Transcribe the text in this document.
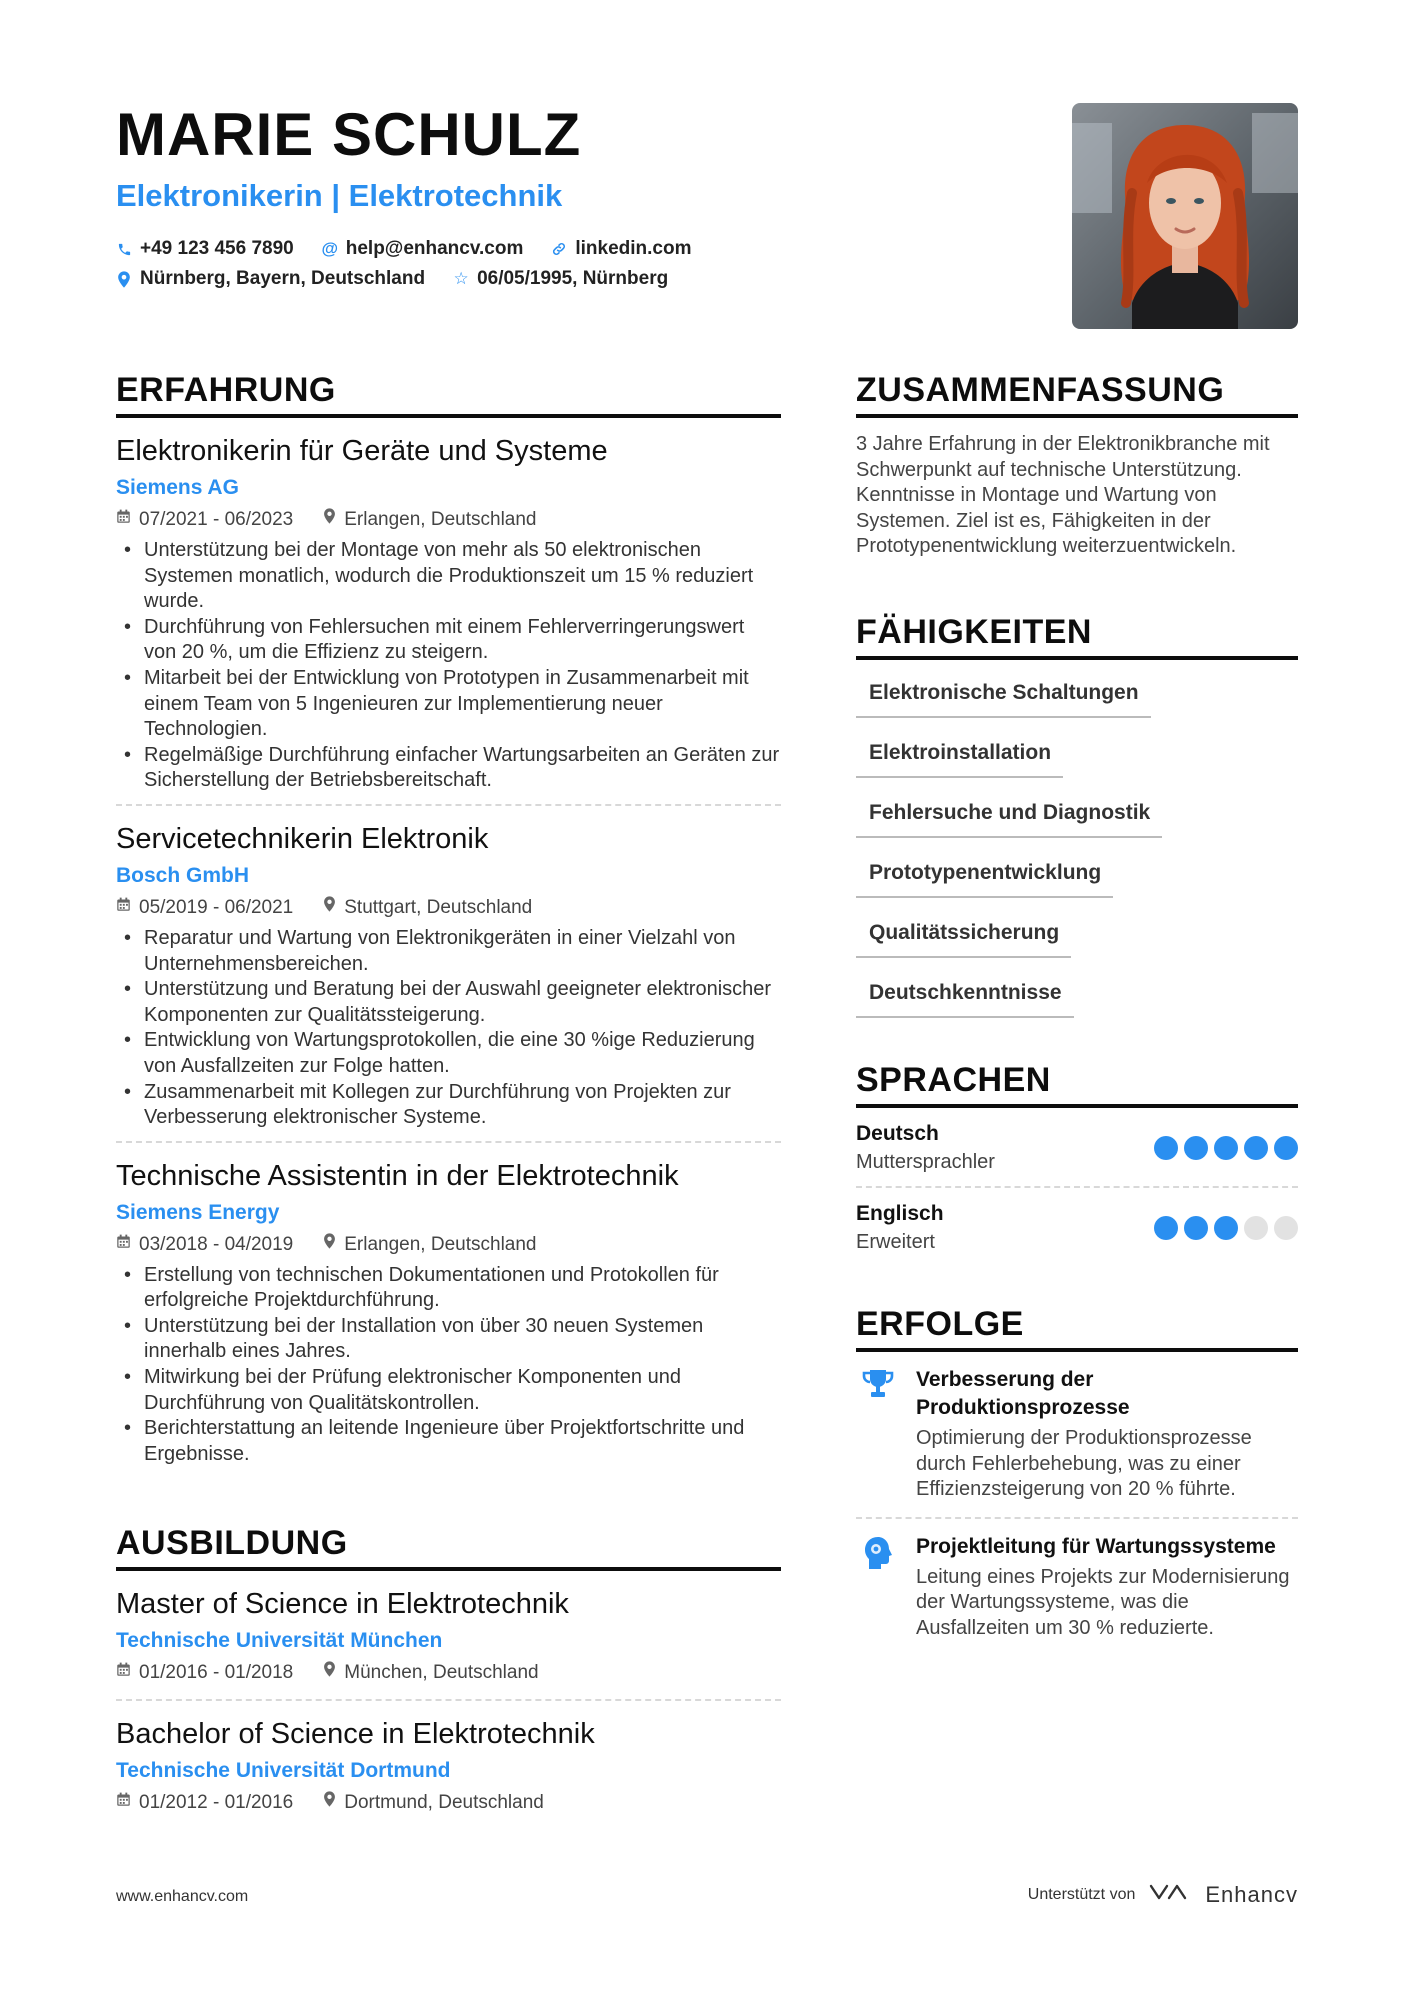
MARIE SCHULZ
Elektronikerin | Elektrotechnik
+49 123 456 7890 @ help@enhancv.com	linkedin.com
Nürnberg, Bayern, Deutschland ☆ 06/05/1995, Nürnberg
ERFAHRUNG
Elektronikerin für Geräte und Systeme
Siemens AG
07/2021 - 06/2023	Erlangen, Deutschland
• Unterstützung bei der Montage von mehr als 50 elektronischen Systemen monatlich, wodurch die Produktionszeit um 15 % reduziert wurde.
• Durchführung von Fehlersuchen mit einem Fehlerverringerungswert von 20 %, um die Effizienz zu steigern.
• Mitarbeit bei der Entwicklung von Prototypen in Zusammenarbeit mit einem Team von 5 Ingenieuren zur Implementierung neuer Technologien.
• Regelmäßige Durchführung einfacher Wartungsarbeiten an Geräten zur Sicherstellung der Betriebsbereitschaft.
Servicetechnikerin Elektronik
Bosch GmbH
05/2019 - 06/2021	Stuttgart, Deutschland
• Reparatur und Wartung von Elektronikgeräten in einer Vielzahl von Unternehmensbereichen.
• Unterstützung und Beratung bei der Auswahl geeigneter elektronischer Komponenten zur Qualitätssteigerung.
• Entwicklung von Wartungsprotokollen, die eine 30 %ige Reduzierung von Ausfallzeiten zur Folge hatten.
• Zusammenarbeit mit Kollegen zur Durchführung von Projekten zur Verbesserung elektronischer Systeme.
Technische Assistentin in der Elektrotechnik
Siemens Energy
03/2018 - 04/2019	Erlangen, Deutschland
• Erstellung von technischen Dokumentationen und Protokollen für erfolgreiche Projektdurchführung.
• Unterstützung bei der Installation von über 30 neuen Systemen innerhalb eines Jahres.
• Mitwirkung bei der Prüfung elektronischer Komponenten und Durchführung von Qualitätskontrollen.
• Berichterstattung an leitende Ingenieure über Projektfortschritte und Ergebnisse.
AUSBILDUNG
Master of Science in Elektrotechnik
Technische Universität München
01/2016 - 01/2018	München, Deutschland
Bachelor of Science in Elektrotechnik
Technische Universität Dortmund
01/2012 - 01/2016	Dortmund, Deutschland
ZUSAMMENFASSUNG
3 Jahre Erfahrung in der Elektronikbranche mit Schwerpunkt auf technische Unterstützung. Kenntnisse in Montage und Wartung von Systemen. Ziel ist es, Fähigkeiten in der Prototypenentwicklung weiterzuentwickeln.
FÄHIGKEITEN
Elektronische Schaltungen
Elektroinstallation
Fehlersuche und Diagnostik
Prototypenentwicklung
Qualitätssicherung
Deutschkenntnisse
SPRACHEN
Deutsch
Muttersprachler
Englisch
Erweitert
ERFOLGE
Verbesserung der Produktionsprozesse
Optimierung der Produktionsprozesse durch Fehlerbehebung, was zu einer Effizienzsteigerung von 20 % führte.
Projektleitung für Wartungssysteme
Leitung eines Projekts zur Modernisierung der Wartungssysteme, was die Ausfallzeiten um 30 % reduzierte.
www.enhancv.com	Unterstützt von	Enhancv
